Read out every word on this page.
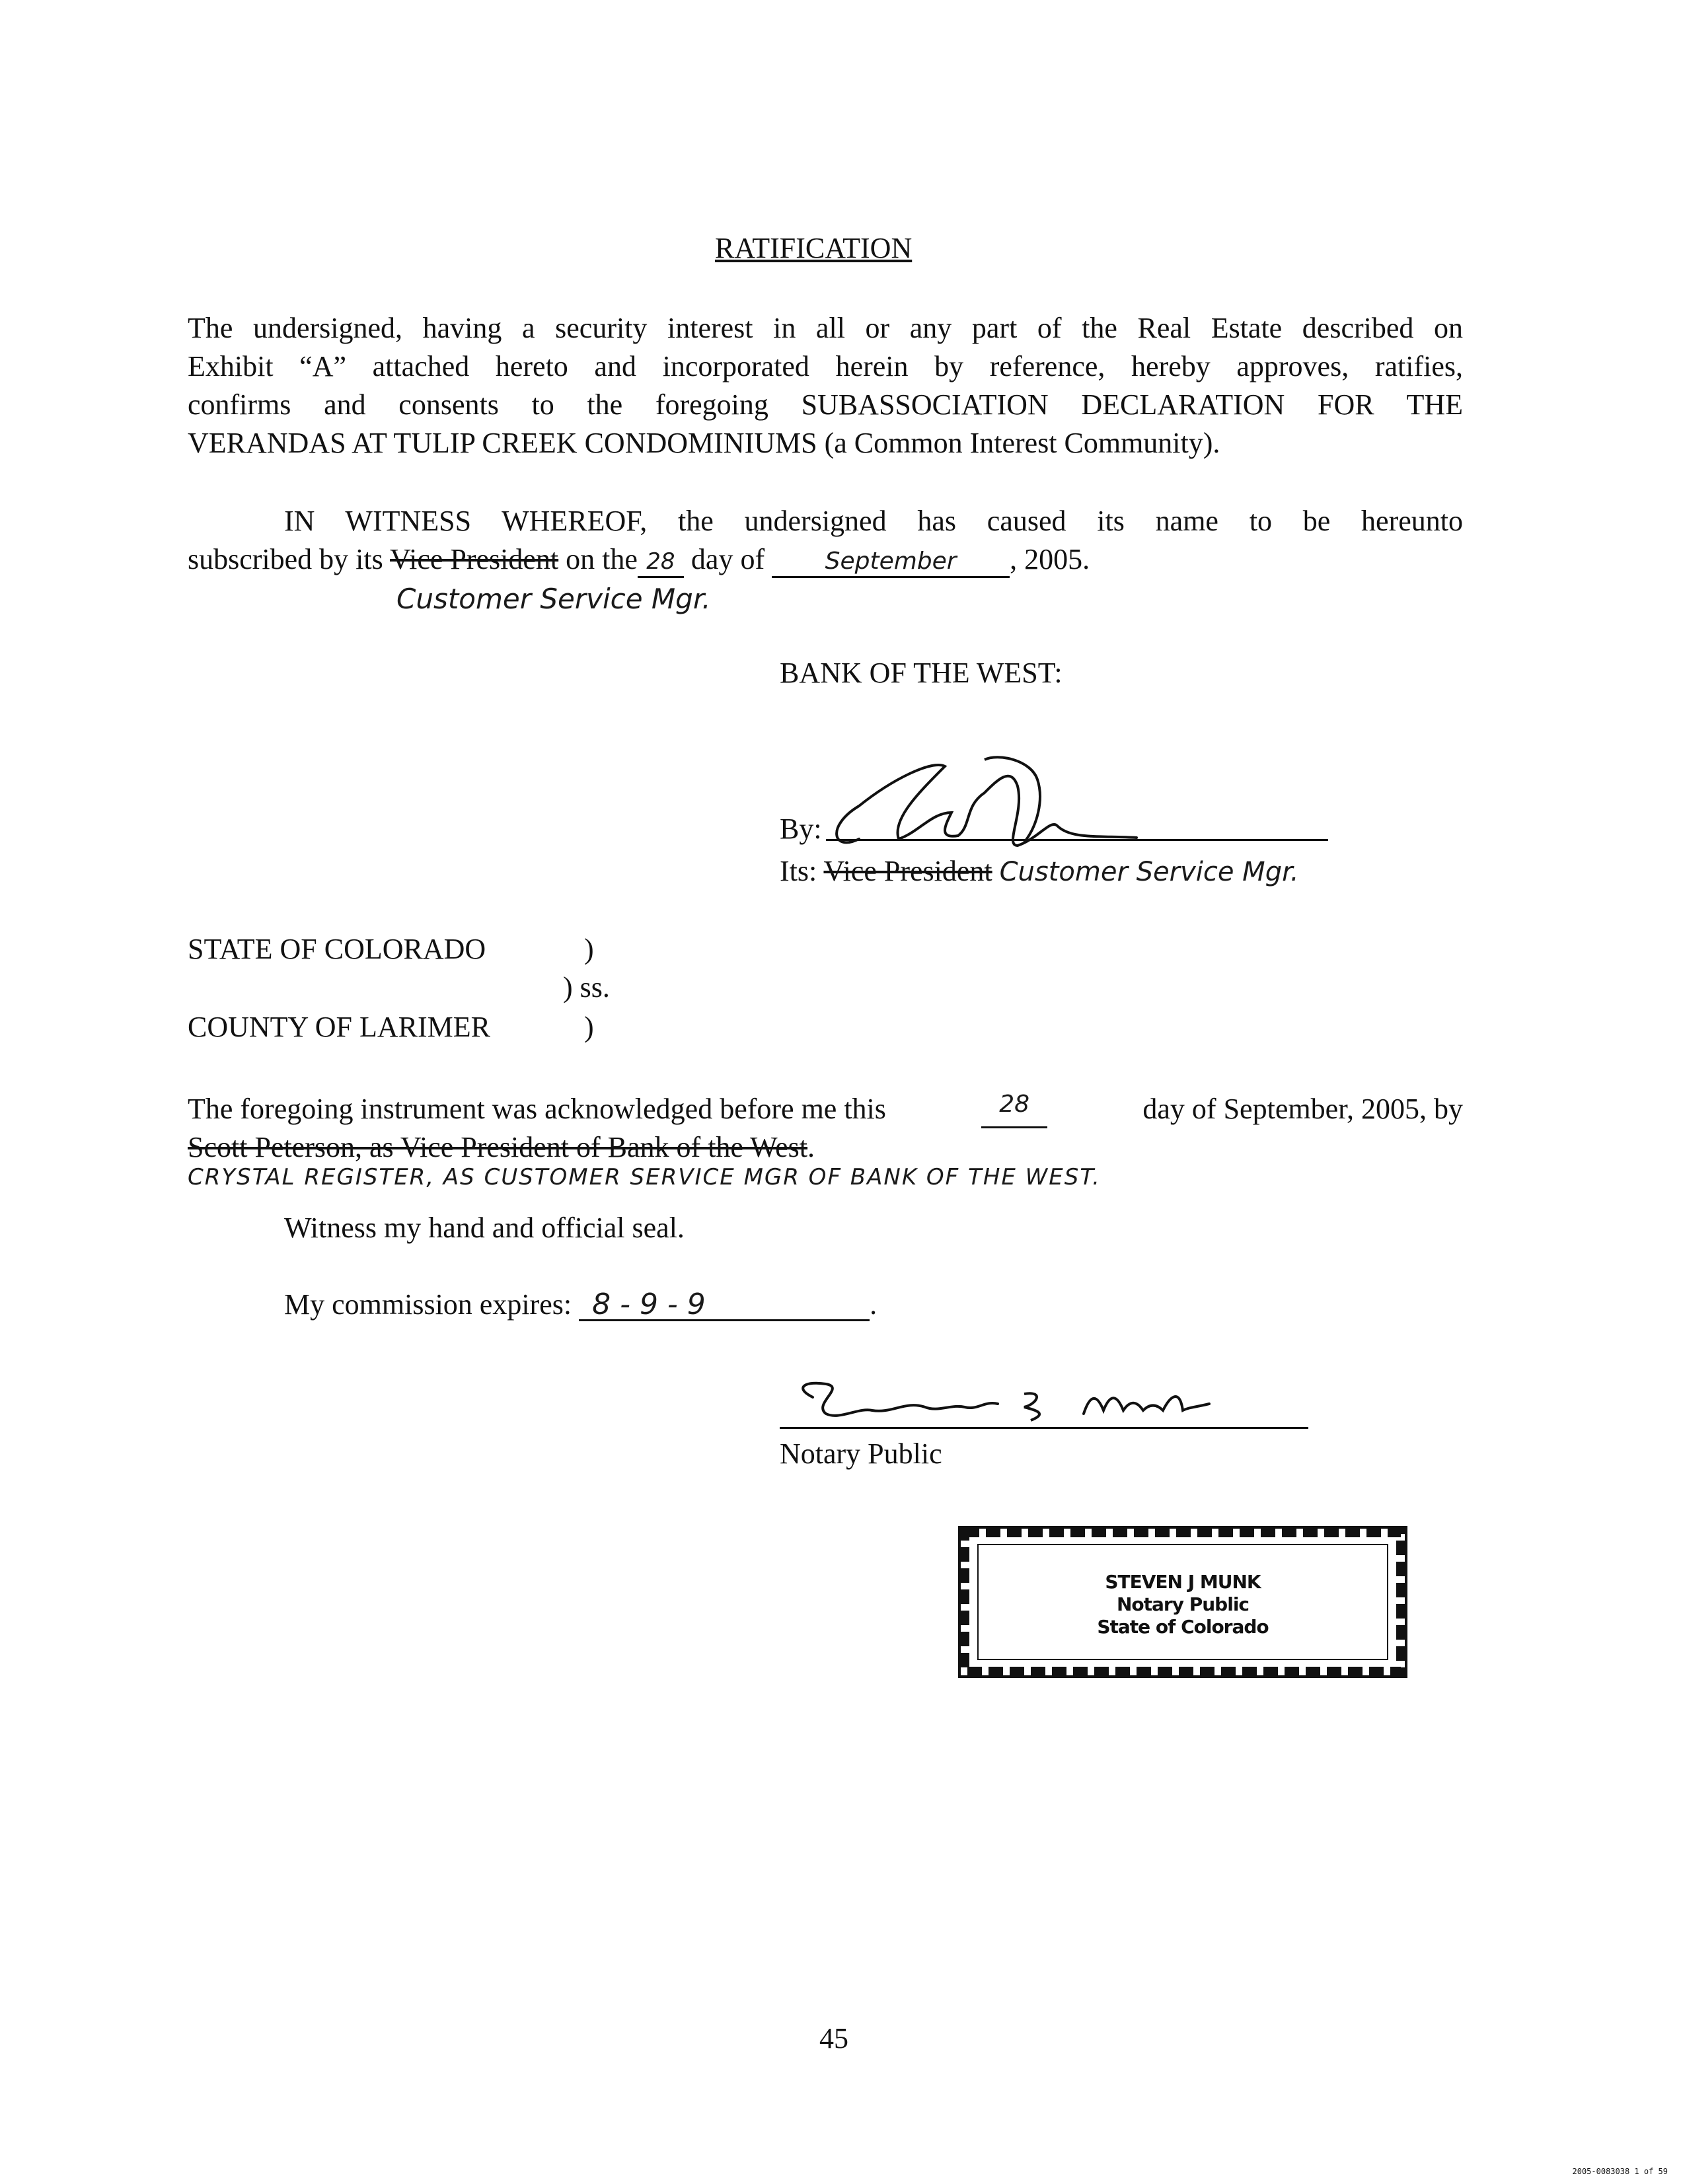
RATIFICATION
The undersigned, having a security interest in all or any part of the Real Estate described on
Exhibit “A” attached hereto and incorporated herein by reference, hereby approves, ratifies,
confirms and consents to the foregoing SUBASSOCIATION DECLARATION FOR THE
VERANDAS AT TULIP CREEK CONDOMINIUMS (a Common Interest Community).
IN WITNESS WHEREOF, the undersigned has caused its name to be hereunto
subscribed by its Vice President on the 28 day of	September , 2005.
Customer Service Mgr.
BANK OF THE WEST:
By:
Its: Vice President Customer Service Mgr.
STATE OF COLORADO	)
) ss.
COUNTY OF LARIMER	)
The foregoing instrument was acknowledged before me this	28	day of September, 2005, by
Scott Peterson, as Vice President of Bank of the West.
CRYSTAL REGISTER, AS CUSTOMER SERVICE MGR OF BANK OF THE WEST.
Witness my hand and official seal.
My commission expires: 8 - 9 - 9	.
Notary Public
STEVEN J MUNK
Notary Public
State of Colorado
45
2005-0083038 1 of 59
